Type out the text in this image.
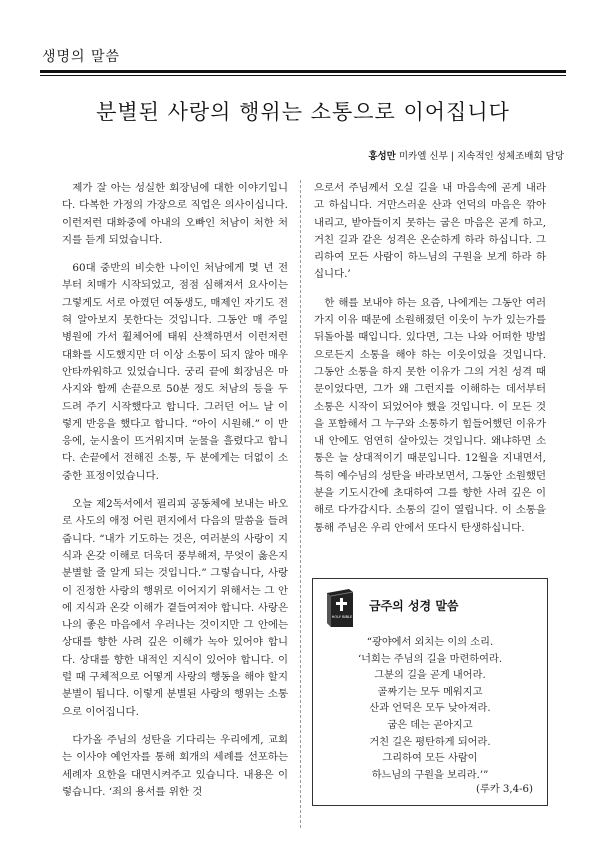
생명의 말씀
분별된 사랑의 행위는 소통으로 이어집니다
홍성만 미카엘 신부 | 지속적인 성체조배회 담당

제가 잘 아는 성실한 회장님에 대한 이야기입니다. 다복한 가정의 가장으로 직업은 의사이십니다. 이런저런 대화중에 아내의 오빠인 처남이 처한 처지를 듣게 되었습니다.

60대 중반의 비슷한 나이인 처남에게 몇 년 전부터 치매가 시작되었고, 점점 심해져서 요사이는 그렇게도 서로 아꼈던 여동생도, 매제인 자기도 전혀 알아보지 못한다는 것입니다. 그동안 매 주일 병원에 가서 휠체어에 태워 산책하면서 이런저런 대화를 시도했지만 더 이상 소통이 되지 않아 매우 안타까워하고 있었습니다. 궁리 끝에 회장님은 마사지와 함께 손끝으로 50분 정도 처남의 등을 두드려 주기 시작했다고 합니다. 그러던 어느 날 이렇게 반응을 했다고 합니다. “아이 시원해.” 이 반응에, 눈시울이 뜨거워지며 눈물을 흘렸다고 합니다. 손끝에서 전해진 소통, 두 분에게는 더없이 소중한 표정이었습니다.

오늘 제2독서에서 필리피 공동체에 보내는 바오로 사도의 애정 어린 편지에서 다음의 말씀을 들려줍니다. “내가 기도하는 것은, 여러분의 사랑이 지식과 온갖 이해로 더욱더 풍부해져, 무엇이 옳은지 분별할 줄 알게 되는 것입니다.” 그렇습니다, 사랑이 진정한 사랑의 행위로 이어지기 위해서는 그 안에 지식과 온갖 이해가 곁들여져야 합니다. 사랑은 나의 좋은 마음에서 우러나는 것이지만 그 안에는 상대를 향한 사려 깊은 이해가 녹아 있어야 합니다. 상대를 향한 내적인 지식이 있어야 합니다. 이럴 때 구체적으로 어떻게 사랑의 행동을 해야 할지 분별이 됩니다. 이렇게 분별된 사랑의 행위는 소통으로 이어집니다.

다가올 주님의 성탄을 기다리는 우리에게, 교회는 이사야 예언자를 통해 회개의 세례를 선포하는 세례자 요한을 대면시켜주고 있습니다. 내용은 이렇습니다. ‘죄의 용서를 위한 것

으로서 주님께서 오실 길을 내 마음속에 곧게 내라고 하십니다. 거만스러운 산과 언덕의 마음은 깎아내리고, 받아들이지 못하는 굽은 마음은 곧게 하고, 거친 길과 같은 성격은 온순하게 하라 하십니다. 그리하여 모든 사람이 하느님의 구원을 보게 하라 하십니다.’

한 해를 보내야 하는 요즘, 나에게는 그동안 여러 가지 이유 때문에 소원해졌던 이웃이 누가 있는가를 뒤돌아볼 때입니다. 있다면, 그는 나와 어떠한 방법으로든지 소통을 해야 하는 이웃이었을 것입니다. 그동안 소통을 하지 못한 이유가 그의 거친 성격 때문이었다면, 그가 왜 그런지를 이해하는 데서부터 소통은 시작이 되었어야 했을 것입니다. 이 모든 것을 포함해서 그 누구와 소통하기 힘들어했던 이유가 내 안에도 엄연히 살아있는 것입니다. 왜냐하면 소통은 늘 상대적이기 때문입니다. 12월을 지내면서, 특히 예수님의 성탄을 바라보면서, 그동안 소원했던 분을 기도시간에 초대하여 그를 향한 사려 깊은 이해로 다가갑시다. 소통의 길이 열립니다. 이 소통을 통해 주님은 우리 안에서 또다시 탄생하십니다.

HOLY BIBLE
금주의 성경 말씀
“광야에서 외치는 이의 소리.
‘너희는 주님의 길을 마련하여라.
그분의 길을 곧게 내어라.
골짜기는 모두 메워지고
산과 언덕은 모두 낮아져라.
굽은 데는 곧아지고
거친 길은 평탄하게 되어라.
그리하여 모든 사람이
하느님의 구원을 보리라.’”
(루카 3,4-6)
